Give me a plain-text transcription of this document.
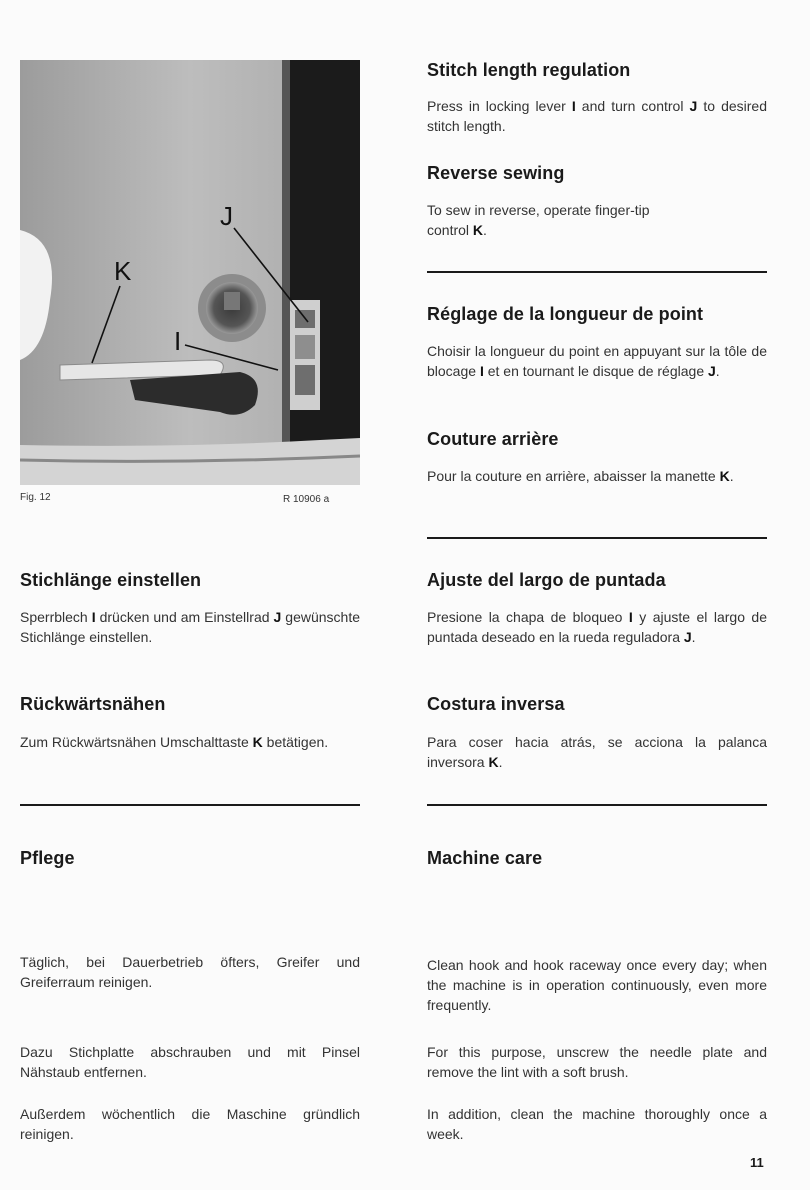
J
K
I
Fig. 12	R 10906 a
Stitch length regulation

Press in locking lever I and turn control J to desired stitch length.

Reverse sewing

To sew in reverse, operate finger-tip control K.

Réglage de la longueur de point

Choisir la longueur du point en appuyant sur la tôle de blocage I et en tournant le disque de réglage J.

Couture arrière

Pour la couture en arrière, abaisser la manette K.

Stichlänge einstellen

Sperrblech I drücken und am Einstellrad J gewünschte Stichlänge einstellen.

Rückwärtsnähen

Zum Rückwärtsnähen Umschalttaste K betätigen.

Ajuste del largo de puntada

Presione la chapa de bloqueo I y ajuste el largo de puntada deseado en la rueda reguladora J.

Costura inversa

Para coser hacia atrás, se acciona la palanca inversora K.

Pflege	Machine care

Täglich, bei Dauerbetrieb öfters, Greifer und Greiferraum reinigen.

Dazu Stichplatte abschrauben und mit Pinsel Nähstaub entfernen.

Außerdem wöchentlich die Maschine gründlich reinigen.

Clean hook and hook raceway once every day; when the machine is in operation continuously, even more frequently.

For this purpose, unscrew the needle plate and remove the lint with a soft brush.

In addition, clean the machine thoroughly once a week.

11
